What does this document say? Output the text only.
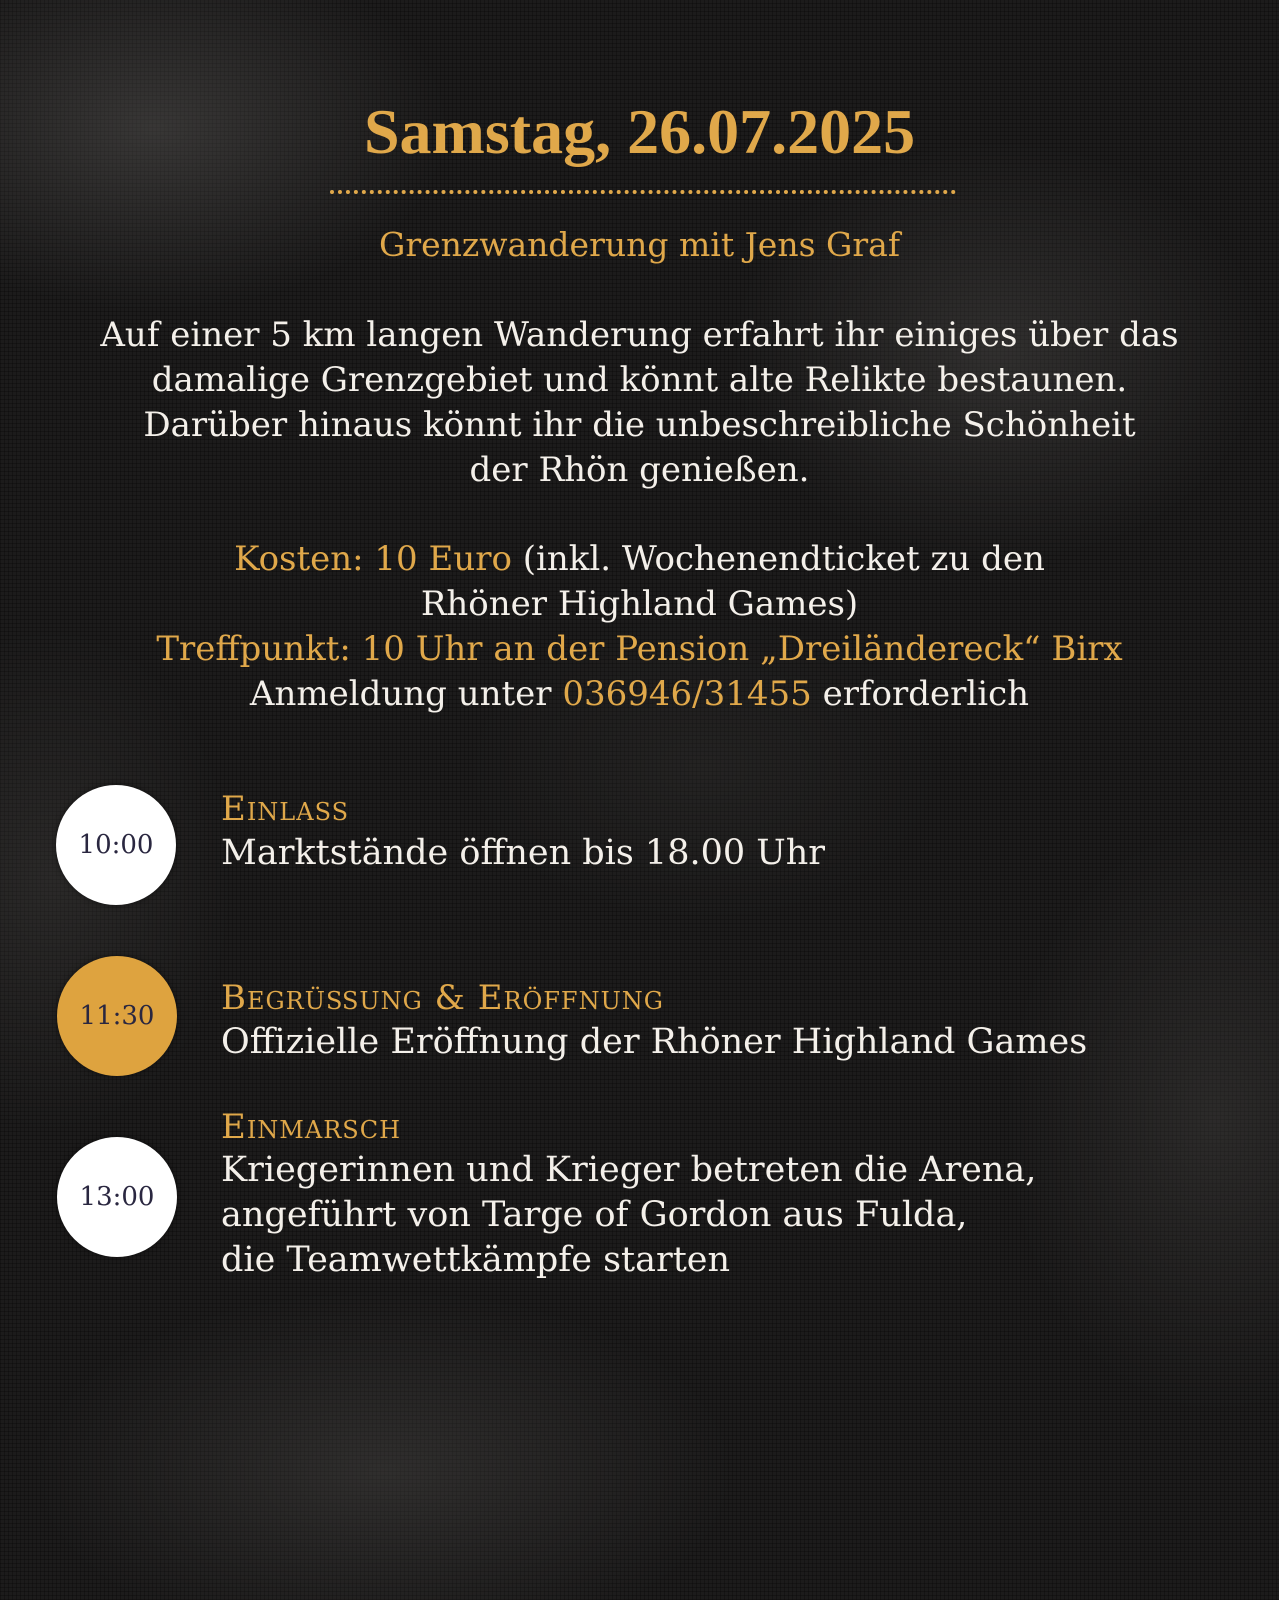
Samstag, 26.07.2025
Grenzwanderung mit Jens Graf
Auf einer 5 km langen Wanderung erfahrt ihr einiges über das
damalige Grenzgebiet und könnt alte Relikte bestaunen.
Darüber hinaus könnt ihr die unbeschreibliche Schönheit
der Rhön genießen.
Kosten: 10 Euro (inkl. Wochenendticket zu den
Rhöner Highland Games)
Treffpunkt: 10 Uhr an der Pension „Dreiländereck“ Birx
Anmeldung unter 036946/31455 erforderlich
10:00
Einlass
Marktstände öffnen bis 18.00 Uhr
11:30	Begrüßung & Eröffnung
Offizielle Eröffnung der Rhöner Highland Games
13:00
Einmarsch
Kriegerinnen und Krieger betreten die Arena,
angeführt von Targe of Gordon aus Fulda,
die Teamwettkämpfe starten
